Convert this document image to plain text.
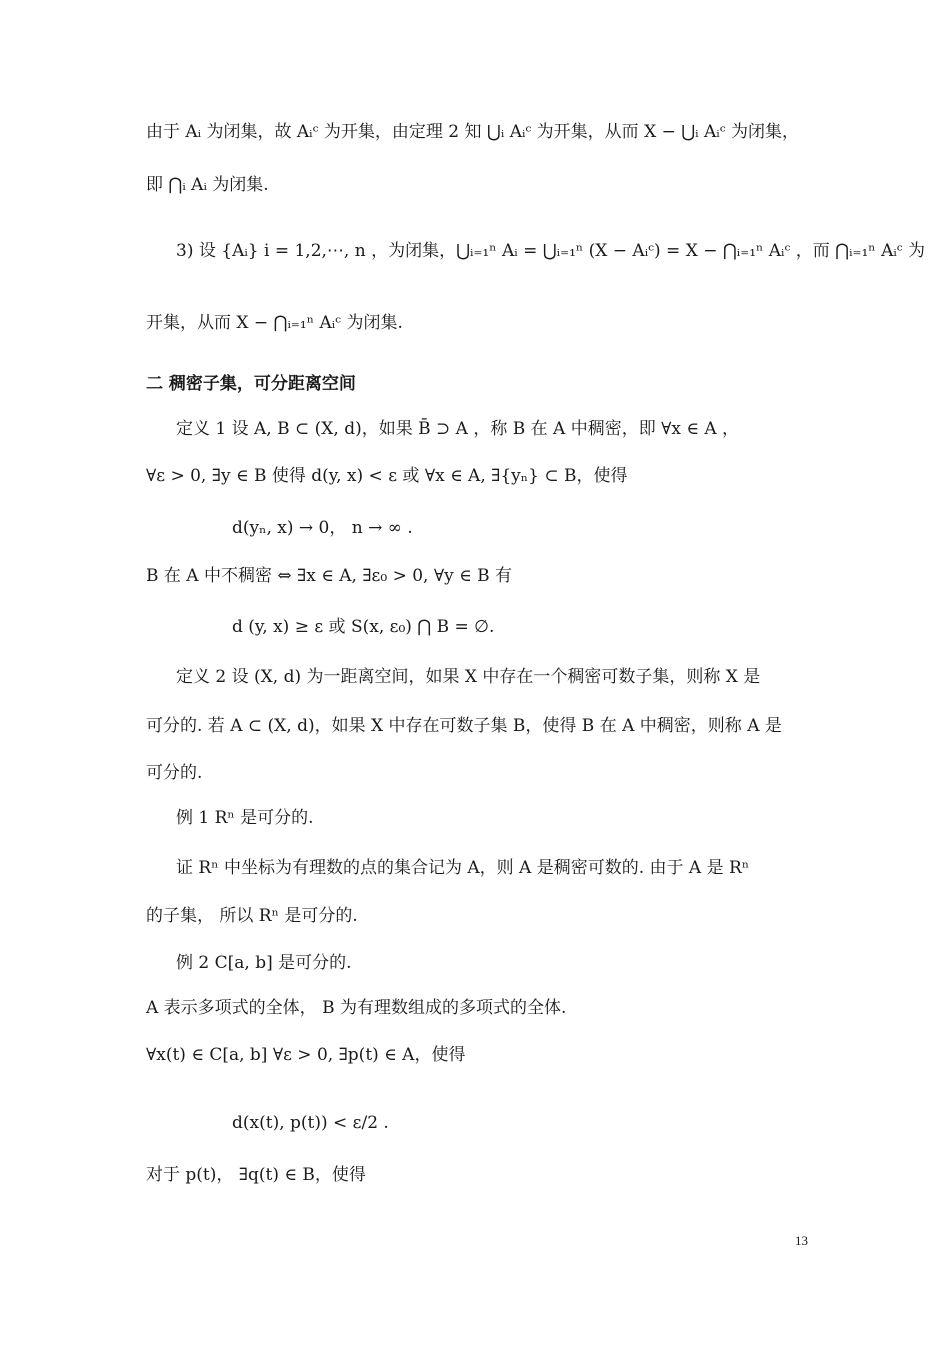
由于 Aᵢ 为闭集，故 Aᵢᶜ 为开集，由定理 2 知 ⋃ᵢ Aᵢᶜ 为开集，从而 X − ⋃ᵢ Aᵢᶜ 为闭集，
即 ⋂ᵢ Aᵢ 为闭集.
3) 设 {Aᵢ} i = 1,2,⋯, n ，为闭集，⋃ᵢ₌₁ⁿ Aᵢ = ⋃ᵢ₌₁ⁿ (X − Aᵢᶜ) = X − ⋂ᵢ₌₁ⁿ Aᵢᶜ ，而 ⋂ᵢ₌₁ⁿ Aᵢᶜ 为
开集，从而 X − ⋂ᵢ₌₁ⁿ Aᵢᶜ 为闭集.
二 稠密子集，可分距离空间
定义 1 设 A, B ⊂ (X, d)，如果 B̄ ⊃ A ，称 B 在 A 中稠密，即 ∀x ∈ A ，
∀ε > 0, ∃y ∈ B 使得 d(y, x) < ε 或 ∀x ∈ A, ∃{yₙ} ⊂ B，使得
d(yₙ, x) → 0， n → ∞ .
B 在 A 中不稠密 ⇔ ∃x ∈ A, ∃ε₀ > 0, ∀y ∈ B 有
d (y, x) ≥ ε 或 S(x, ε₀) ⋂ B = ∅.
定义 2 设 (X, d) 为一距离空间，如果 X 中存在一个稠密可数子集，则称 X 是
可分的. 若 A ⊂ (X, d)，如果 X 中存在可数子集 B，使得 B 在 A 中稠密，则称 A 是
可分的.
例 1 Rⁿ 是可分的.
证 Rⁿ 中坐标为有理数的点的集合记为 A，则 A 是稠密可数的. 由于 A 是 Rⁿ
的子集， 所以 Rⁿ 是可分的.
例 2 C[a, b] 是可分的.
A 表示多项式的全体， B 为有理数组成的多项式的全体.
∀x(t) ∈ C[a, b] ∀ε > 0, ∃p(t) ∈ A，使得
d(x(t), p(t)) < ε/2 .
对于 p(t)， ∃q(t) ∈ B，使得
13
